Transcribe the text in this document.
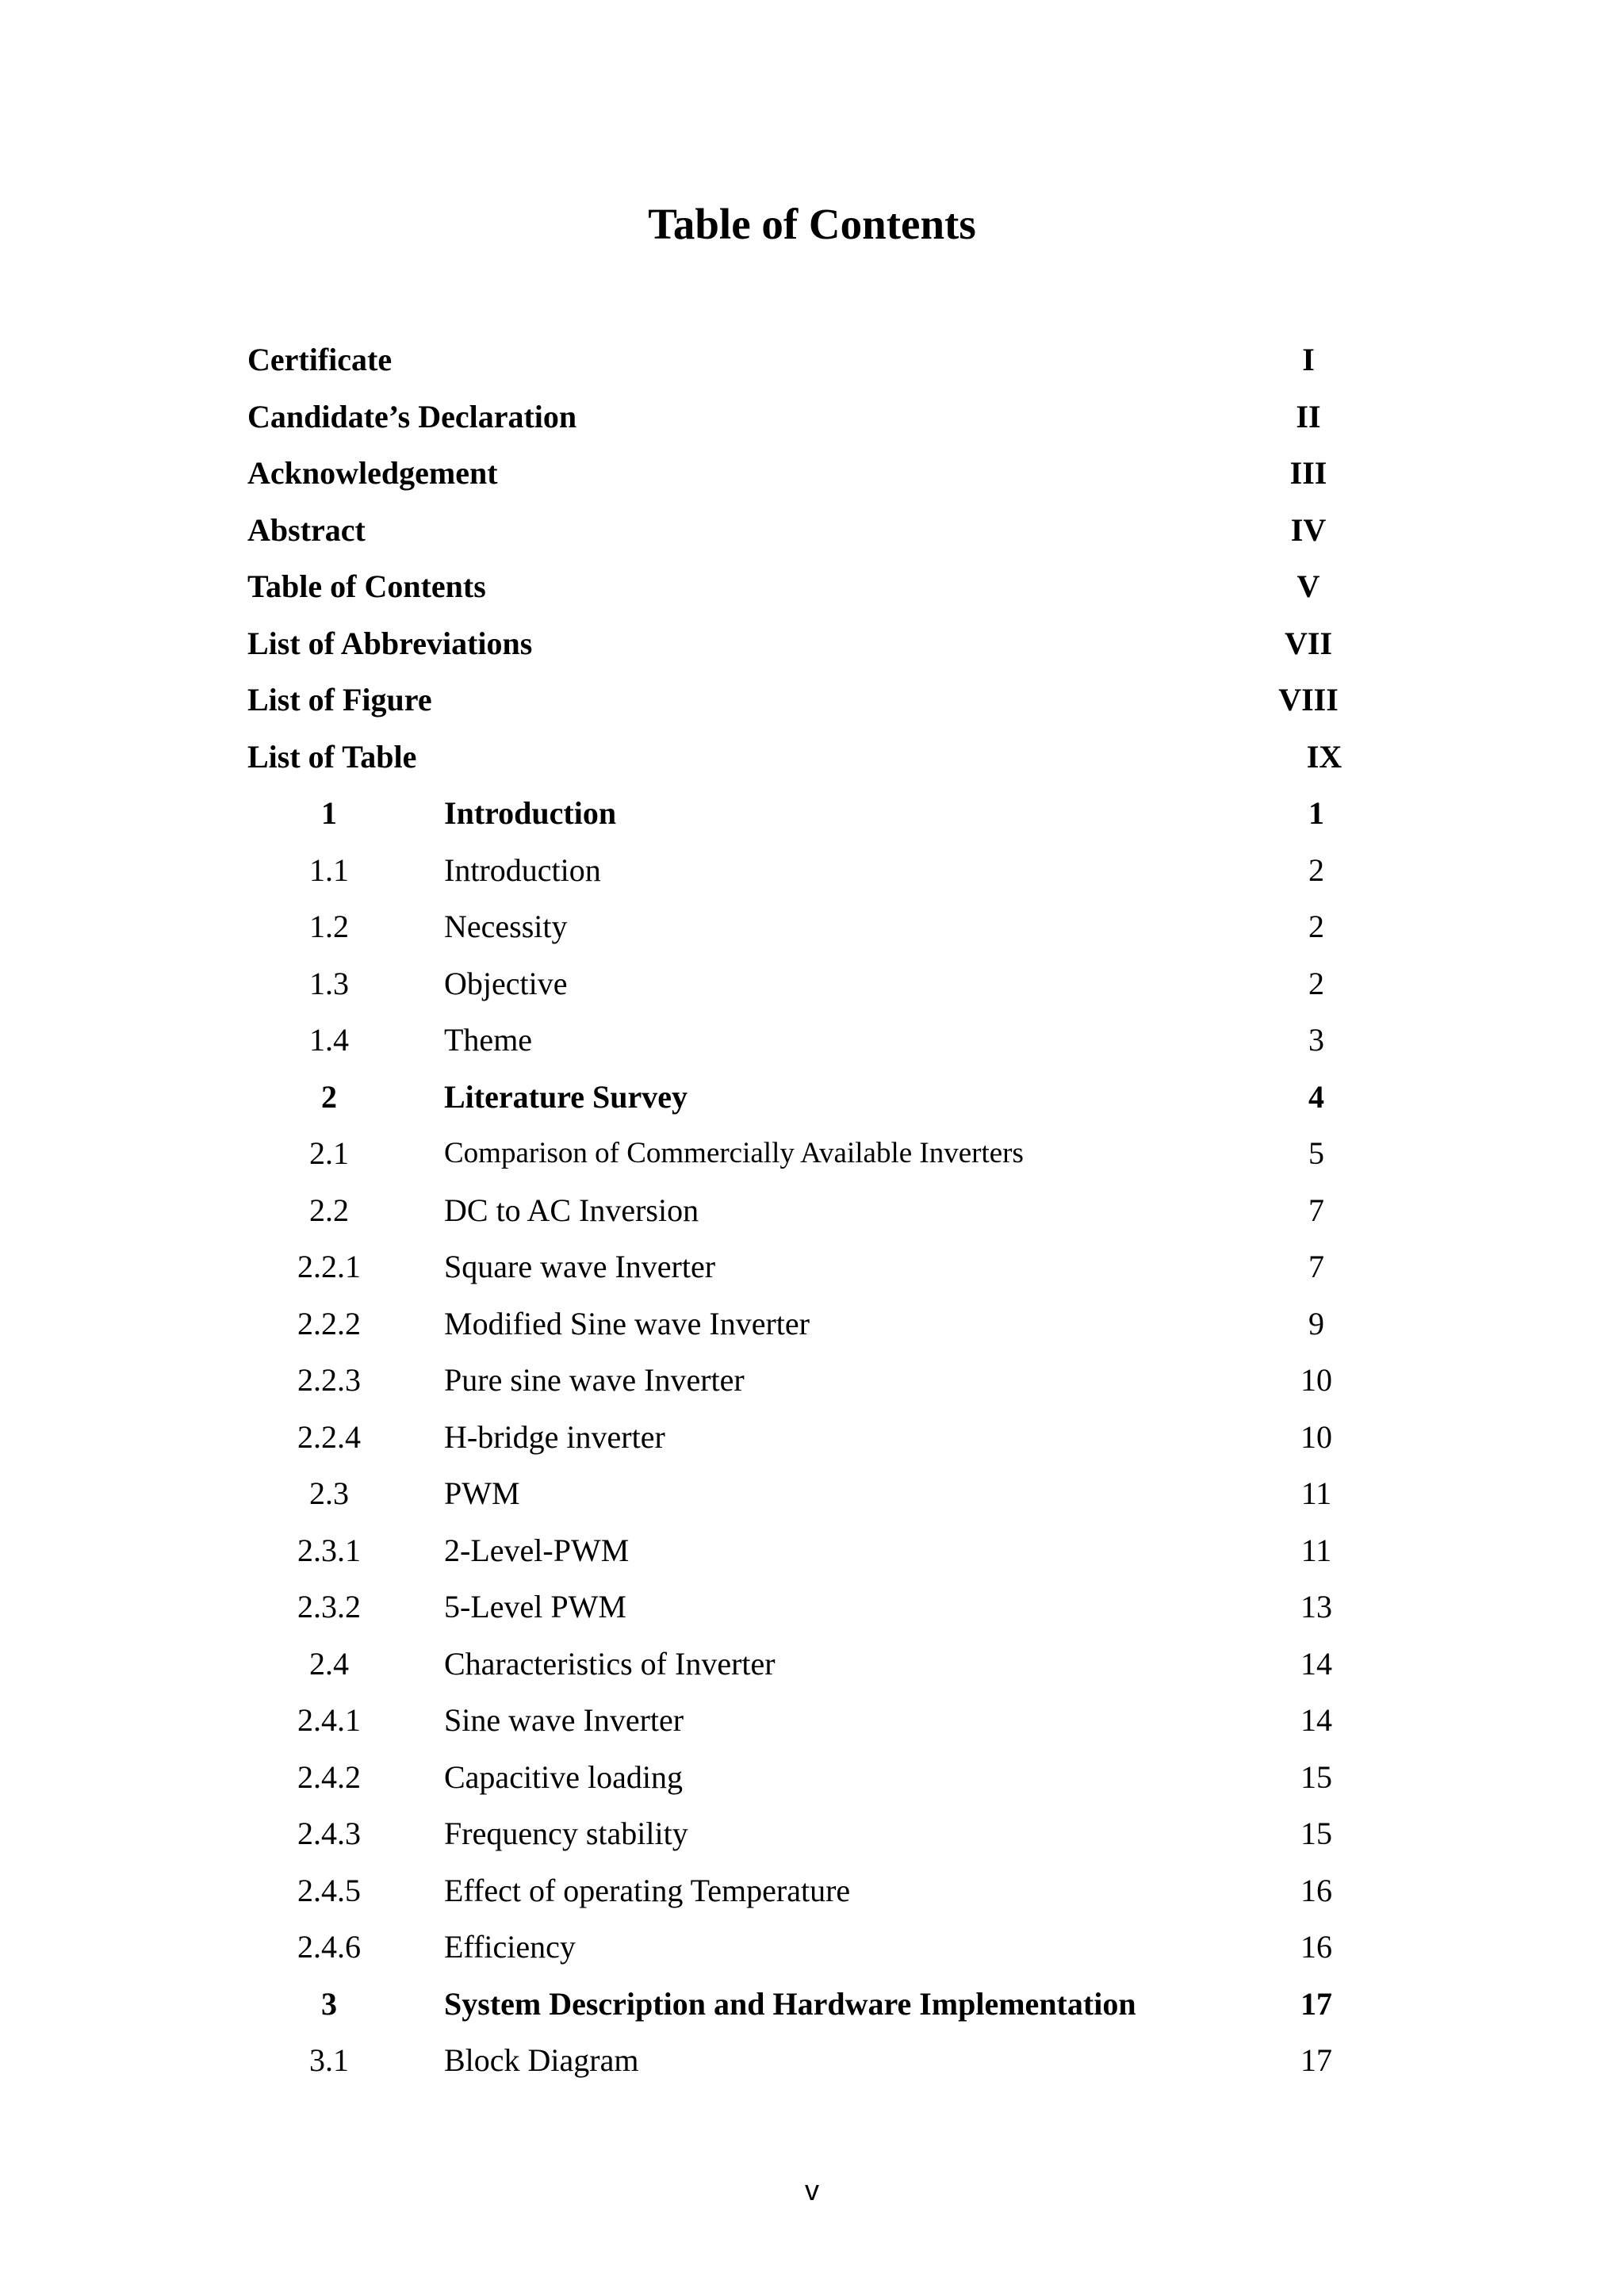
Table of Contents
Certificate	I
Candidate’s Declaration	II
Acknowledgement	III
Abstract	IV
Table of Contents	V
List of Abbreviations	VII
List of Figure	VIII
List of Table	IX
1	Introduction	1
1.1	Introduction	2
1.2	Necessity	2
1.3	Objective	2
1.4	Theme	3
2	Literature Survey	4
2.1	Comparison of Commercially Available Inverters	5
2.2	DC to AC Inversion	7
2.2.1	Square wave Inverter	7
2.2.2	Modified Sine wave Inverter	9
2.2.3	Pure sine wave Inverter	10
2.2.4	H-bridge inverter	10
2.3	PWM	11
2.3.1	2-Level-PWM	11
2.3.2	5-Level PWM	13
2.4	Characteristics of Inverter	14
2.4.1	Sine wave Inverter	14
2.4.2	Capacitive loading	15
2.4.3	Frequency stability	15
2.4.5	Effect of operating Temperature	16
2.4.6	Efficiency	16
3	System Description and Hardware Implementation	17
3.1	Block Diagram	17
v
